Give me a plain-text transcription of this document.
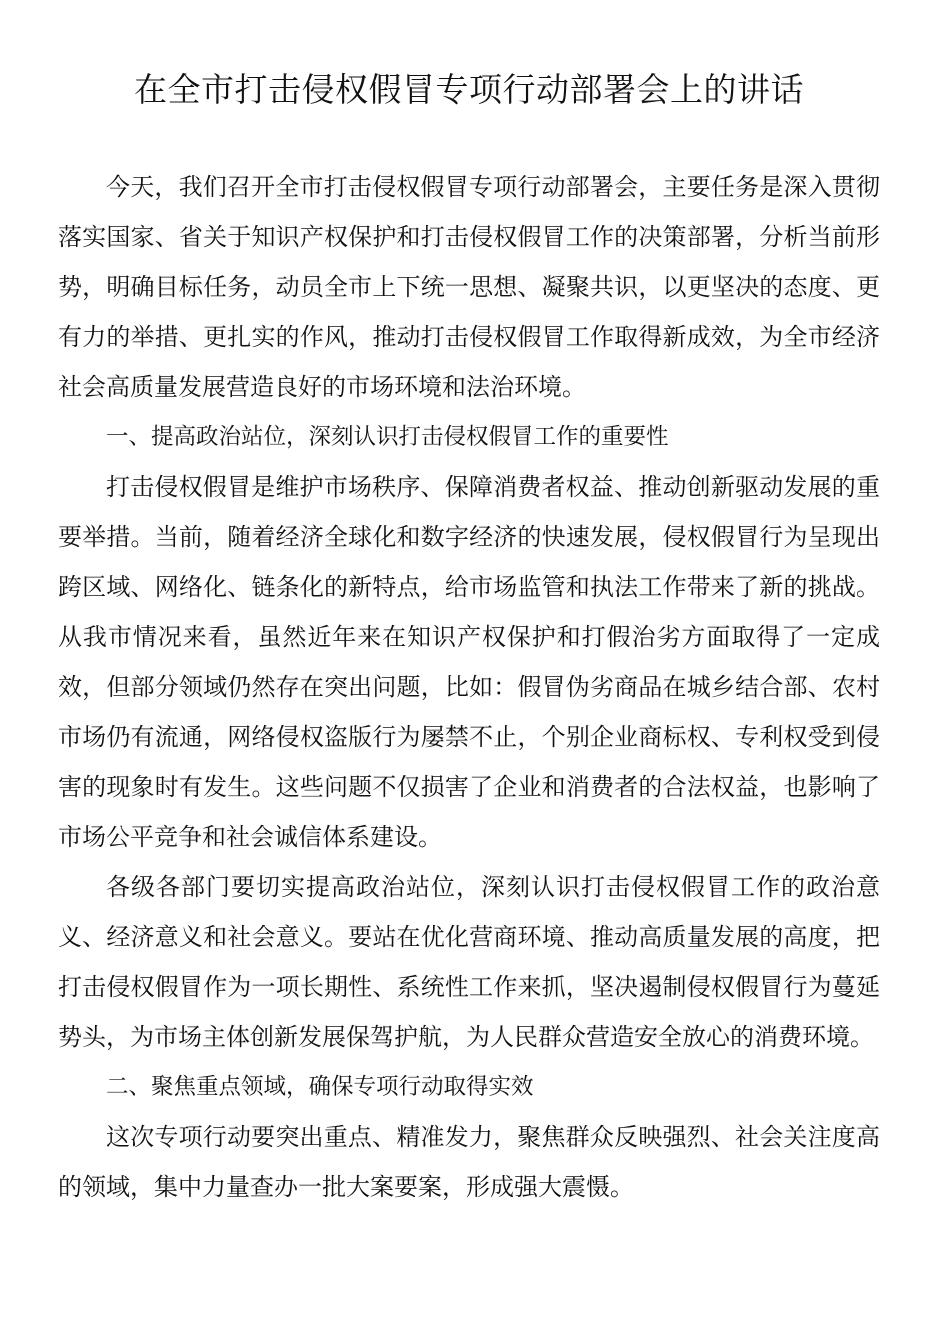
在全市打击侵权假冒专项行动部署会上的讲话

今天，我们召开全市打击侵权假冒专项行动部署会，主要任务是深入贯彻落实国家、省关于知识产权保护和打击侵权假冒工作的决策部署，分析当前形势，明确目标任务，动员全市上下统一思想、凝聚共识，以更坚决的态度、更有力的举措、更扎实的作风，推动打击侵权假冒工作取得新成效，为全市经济社会高质量发展营造良好的市场环境和法治环境。

一、提高政治站位，深刻认识打击侵权假冒工作的重要性

打击侵权假冒是维护市场秩序、保障消费者权益、推动创新驱动发展的重要举措。当前，随着经济全球化和数字经济的快速发展，侵权假冒行为呈现出跨区域、网络化、链条化的新特点，给市场监管和执法工作带来了新的挑战。从我市情况来看，虽然近年来在知识产权保护和打假治劣方面取得了一定成效，但部分领域仍然存在突出问题，比如：假冒伪劣商品在城乡结合部、农村市场仍有流通，网络侵权盗版行为屡禁不止，个别企业商标权、专利权受到侵害的现象时有发生。这些问题不仅损害了企业和消费者的合法权益，也影响了市场公平竞争和社会诚信体系建设。

各级各部门要切实提高政治站位，深刻认识打击侵权假冒工作的政治意义、经济意义和社会意义。要站在优化营商环境、推动高质量发展的高度，把打击侵权假冒作为一项长期性、系统性工作来抓，坚决遏制侵权假冒行为蔓延势头，为市场主体创新发展保驾护航，为人民群众营造安全放心的消费环境。

二、聚焦重点领域，确保专项行动取得实效

这次专项行动要突出重点、精准发力，聚焦群众反映强烈、社会关注度高的领域，集中力量查办一批大案要案，形成强大震慑。
